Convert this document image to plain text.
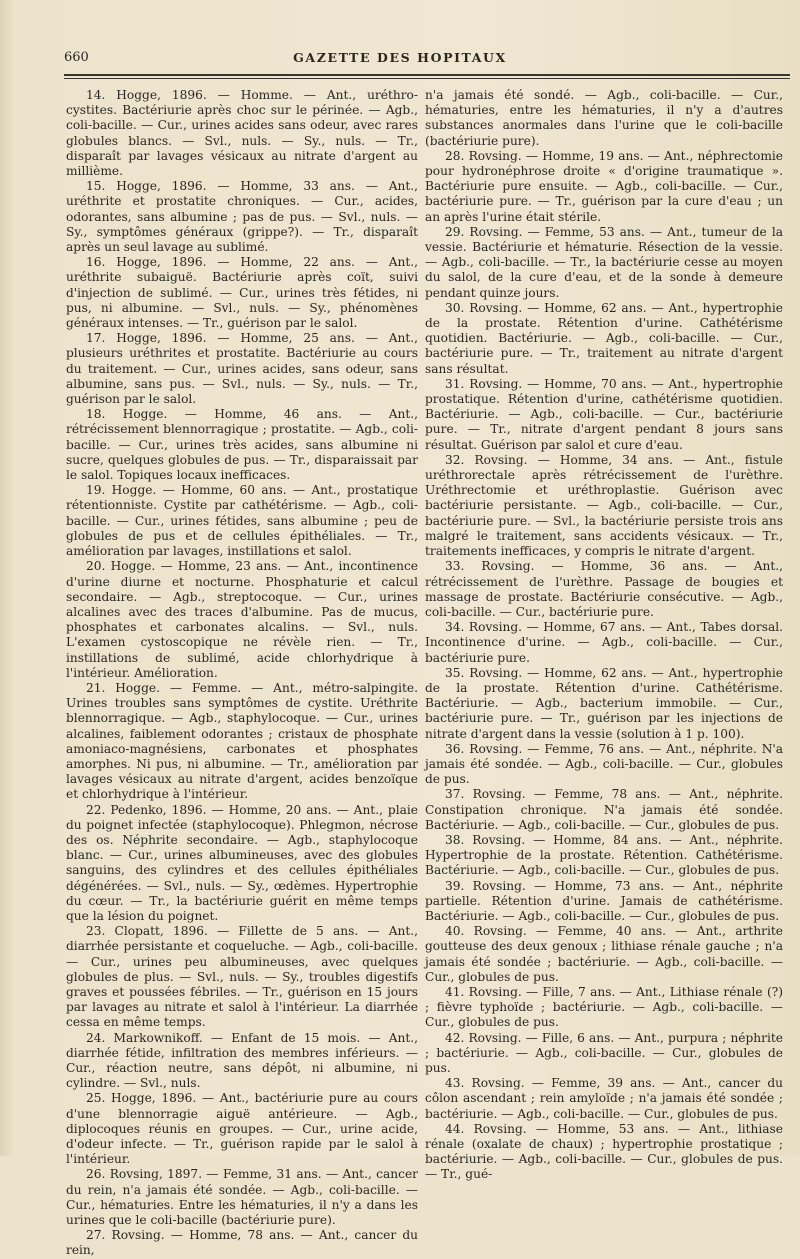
660	GAZETTE DES HOPITAUX

14. Hogge, 1896. — Homme. — Ant., uréthro-cystites. Bactériurie après choc sur le périnée. — Agb., coli-bacille. — Cur., urines acides sans odeur, avec rares globules blancs. — Svl., nuls. — Sy., nuls. — Tr., disparaît par lavages vésicaux au nitrate d'argent au millième.

15. Hogge, 1896. — Homme, 33 ans. — Ant., uréthrite et prostatite chroniques. — Cur., acides, odorantes, sans albumine ; pas de pus. — Svl., nuls. — Sy., symptômes généraux (grippe?). — Tr., disparaît après un seul lavage au sublimé.

16. Hogge, 1896. — Homme, 22 ans. — Ant., uréthrite subaiguë. Bactériurie après coït, suivi d'injection de sublimé. — Cur., urines très fétides, ni pus, ni albumine. — Svl., nuls. — Sy., phénomènes généraux intenses. — Tr., guérison par le salol.

17. Hogge, 1896. — Homme, 25 ans. — Ant., plusieurs uréthrites et prostatite. Bactériurie au cours du traitement. — Cur., urines acides, sans odeur, sans albumine, sans pus. — Svl., nuls. — Sy., nuls. — Tr., guérison par le salol.

18. Hogge. — Homme, 46 ans. — Ant., rétrécissement blennorragique ; prostatite. — Agb., coli-bacille. — Cur., urines très acides, sans albumine ni sucre, quelques globules de pus. — Tr., disparaissait par le salol. Topiques locaux inefficaces.

19. Hogge. — Homme, 60 ans. — Ant., prostatique rétentionniste. Cystite par cathétérisme. — Agb., coli-bacille. — Cur., urines fétides, sans albumine ; peu de globules de pus et de cellules épithéliales. — Tr., amélioration par lavages, instillations et salol.

20. Hogge. — Homme, 23 ans. — Ant., incontinence d'urine diurne et nocturne. Phosphaturie et calcul secondaire. — Agb., streptocoque. — Cur., urines alcalines avec des traces d'albumine. Pas de mucus, phosphates et carbonates alcalins. — Svl., nuls. L'examen cystoscopique ne révèle rien. — Tr., instillations de sublimé, acide chlorhydrique à l'intérieur. Amélioration.

21. Hogge. — Femme. — Ant., métro-salpingite. Urines troubles sans symptômes de cystite. Uréthrite blennorragique. — Agb., staphylocoque. — Cur., urines alcalines, faiblement odorantes ; cristaux de phosphate amoniaco-magnésiens, carbonates et phosphates amorphes. Ni pus, ni albumine. — Tr., amélioration par lavages vésicaux au nitrate d'argent, acides benzoïque et chlorhydrique à l'intérieur.

22. Pedenko, 1896. — Homme, 20 ans. — Ant., plaie du poignet infectée (staphylocoque). Phlegmon, nécrose des os. Néphrite secondaire. — Agb., staphylocoque blanc. — Cur., urines albumineuses, avec des globules sanguins, des cylindres et des cellules épithéliales dégénérées. — Svl., nuls. — Sy., œdèmes. Hypertrophie du cœur. — Tr., la bactériurie guérit en même temps que la lésion du poignet.

23. Clopatt, 1896. — Fillette de 5 ans. — Ant., diarrhée persistante et coqueluche. — Agb., coli-bacille. — Cur., urines peu albumineuses, avec quelques globules de plus. — Svl., nuls. — Sy., troubles digestifs graves et poussées fébriles. — Tr., guérison en 15 jours par lavages au nitrate et salol à l'intérieur. La diarrhée cessa en même temps.

24. Markownikoff. — Enfant de 15 mois. — Ant., diarrhée fétide, infiltration des membres inférieurs. — Cur., réaction neutre, sans dépôt, ni albumine, ni cylindre. — Svl., nuls.

25. Hogge, 1896. — Ant., bactériurie pure au cours d'une blennorragie aiguë antérieure. — Agb., diplocoques réunis en groupes. — Cur., urine acide, d'odeur infecte. — Tr., guérison rapide par le salol à l'intérieur.

26. Rovsing, 1897. — Femme, 31 ans. — Ant., cancer du rein, n'a jamais été sondée. — Agb., coli-bacille. — Cur., hématuries. Entre les hématuries, il n'y a dans les urines que le coli-bacille (bactériurie pure).

27. Rovsing. — Homme, 78 ans. — Ant., cancer du rein,

n'a jamais été sondé. — Agb., coli-bacille. — Cur., hématuries, entre les hématuries, il n'y a d'autres substances anormales dans l'urine que le coli-bacille (bactériurie pure).

28. Rovsing. — Homme, 19 ans. — Ant., néphrectomie pour hydronéphrose droite « d'origine traumatique ». Bactériurie pure ensuite. — Agb., coli-bacille. — Cur., bactériurie pure. — Tr., guérison par la cure d'eau ; un an après l'urine était stérile.

29. Rovsing. — Femme, 53 ans. — Ant., tumeur de la vessie. Bactériurie et hématurie. Résection de la vessie. — Agb., coli-bacille. — Tr., la bactériurie cesse au moyen du salol, de la cure d'eau, et de la sonde à demeure pendant quinze jours.

30. Rovsing. — Homme, 62 ans. — Ant., hypertrophie de la prostate. Rétention d'urine. Cathétérisme quotidien. Bactériurie. — Agb., coli-bacille. — Cur., bactériurie pure. — Tr., traitement au nitrate d'argent sans résultat.

31. Rovsing. — Homme, 70 ans. — Ant., hypertrophie prostatique. Rétention d'urine, cathétérisme quotidien. Bactériurie. — Agb., coli-bacille. — Cur., bactériurie pure. — Tr., nitrate d'argent pendant 8 jours sans résultat. Guérison par salol et cure d'eau.

32. Rovsing. — Homme, 34 ans. — Ant., fistule uréthrorectale après rétrécissement de l'urèthre. Uréthrectomie et uréthroplastie. Guérison avec bactériurie persistante. — Agb., coli-bacille. — Cur., bactériurie pure. — Svl., la bactériurie persiste trois ans malgré le traitement, sans accidents vésicaux. — Tr., traitements inefficaces, y compris le nitrate d'argent.

33. Rovsing. — Homme, 36 ans. — Ant., rétrécissement de l'urèthre. Passage de bougies et massage de prostate. Bactériurie consécutive. — Agb., coli-bacille. — Cur., bactériurie pure.

34. Rovsing. — Homme, 67 ans. — Ant., Tabes dorsal. Incontinence d'urine. — Agb., coli-bacille. — Cur., bactériurie pure.

35. Rovsing. — Homme, 62 ans. — Ant., hypertrophie de la prostate. Rétention d'urine. Cathétérisme. Bactériurie. — Agb., bacterium immobile. — Cur., bactériurie pure. — Tr., guérison par les injections de nitrate d'argent dans la vessie (solution à 1 p. 100).

36. Rovsing. — Femme, 76 ans. — Ant., néphrite. N'a jamais été sondée. — Agb., coli-bacille. — Cur., globules de pus.

37. Rovsing. — Femme, 78 ans. — Ant., néphrite. Constipation chronique. N'a jamais été sondée. Bactériurie. — Agb., coli-bacille. — Cur., globules de pus.

38. Rovsing. — Homme, 84 ans. — Ant., néphrite. Hypertrophie de la prostate. Rétention. Cathétérisme. Bactériurie. — Agb., coli-bacille. — Cur., globules de pus.

39. Rovsing. — Homme, 73 ans. — Ant., néphrite partielle. Rétention d'urine. Jamais de cathétérisme. Bactériurie. — Agb., coli-bacille. — Cur., globules de pus.

40. Rovsing. — Femme, 40 ans. — Ant., arthrite goutteuse des deux genoux ; lithiase rénale gauche ; n'a jamais été sondée ; bactériurie. — Agb., coli-bacille. — Cur., globules de pus.

41. Rovsing. — Fille, 7 ans. — Ant., Lithiase rénale (?) ; fièvre typhoïde ; bactériurie. — Agb., coli-bacille. — Cur., globules de pus.

42. Rovsing. — Fille, 6 ans. — Ant., purpura ; néphrite ; bactériurie. — Agb., coli-bacille. — Cur., globules de pus.

43. Rovsing. — Femme, 39 ans. — Ant., cancer du côlon ascendant ; rein amyloïde ; n'a jamais été sondée ; bactériurie. — Agb., coli-bacille. — Cur., globules de pus.

44. Rovsing. — Homme, 53 ans. — Ant., lithiase rénale (oxalate de chaux) ; hypertrophie prostatique ; bactériurie. — Agb., coli-bacille. — Cur., globules de pus. — Tr., gué-
